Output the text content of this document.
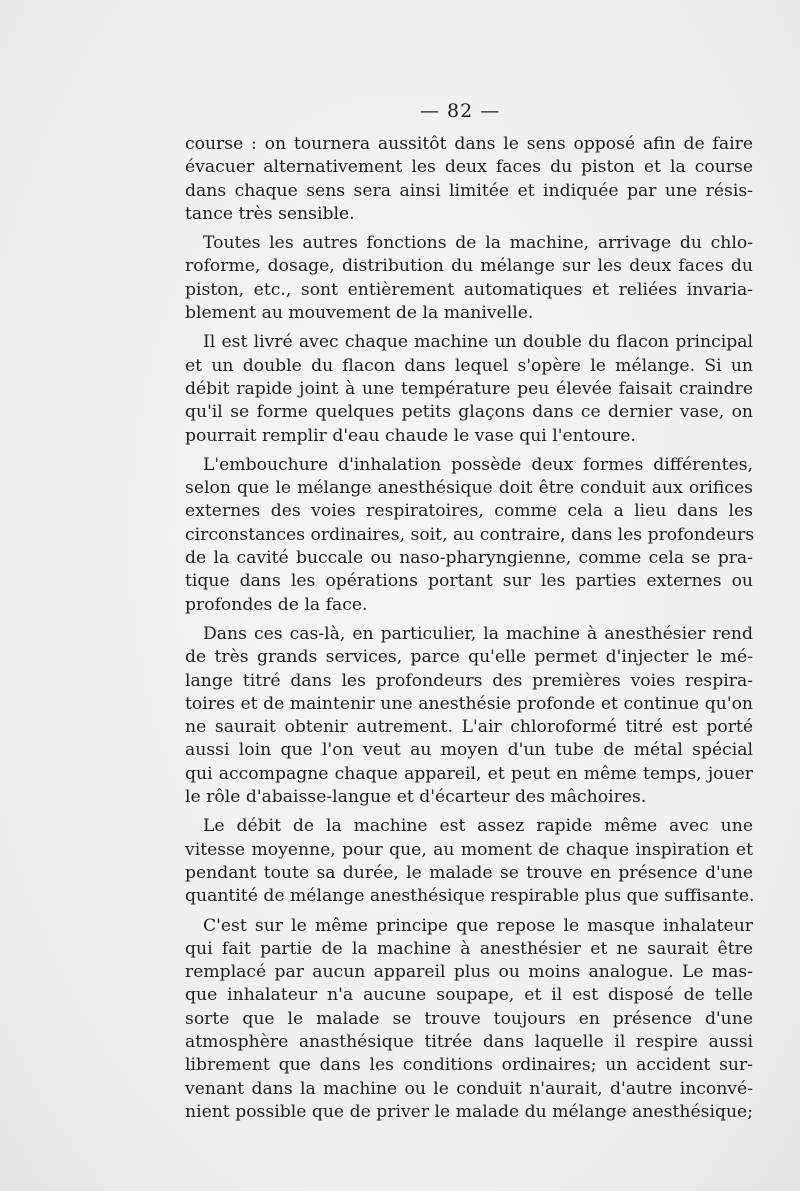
— 82 —
course : on tournera aussitôt dans le sens opposé afin de faire
évacuer alternativement les deux faces du piston et la course
dans chaque sens sera ainsi limitée et indiquée par une résis-
tance très sensible.
Toutes les autres fonctions de la machine, arrivage du chlo-
roforme, dosage, distribution du mélange sur les deux faces du
piston, etc., sont entièrement automatiques et reliées invaria-
blement au mouvement de la manivelle.
Il est livré avec chaque machine un double du flacon principal
et un double du flacon dans lequel s'opère le mélange. Si un
débit rapide joint à une température peu élevée faisait craindre
qu'il se forme quelques petits glaçons dans ce dernier vase, on
pourrait remplir d'eau chaude le vase qui l'entoure.
L'embouchure d'inhalation possède deux formes différentes,
selon que le mélange anesthésique doit être conduit aux orifices
externes des voies respiratoires, comme cela a lieu dans les
circonstances ordinaires, soit, au contraire, dans les profondeurs
de la cavité buccale ou naso-pharyngienne, comme cela se pra-
tique dans les opérations portant sur les parties externes ou
profondes de la face.
Dans ces cas-là, en particulier, la machine à anesthésier rend
de très grands services, parce qu'elle permet d'injecter le mé-
lange titré dans les profondeurs des premières voies respira-
toires et de maintenir une anesthésie profonde et continue qu'on
ne saurait obtenir autrement. L'air chloroformé titré est porté
aussi loin que l'on veut au moyen d'un tube de métal spécial
qui accompagne chaque appareil, et peut en même temps, jouer
le rôle d'abaisse-langue et d'écarteur des mâchoires.
Le débit de la machine est assez rapide même avec une
vitesse moyenne, pour que, au moment de chaque inspiration et
pendant toute sa durée, le malade se trouve en présence d'une
quantité de mélange anesthésique respirable plus que suffisante.
C'est sur le même principe que repose le masque inhalateur
qui fait partie de la machine à anesthésier et ne saurait être
remplacé par aucun appareil plus ou moins analogue. Le mas-
que inhalateur n'a aucune soupape, et il est disposé de telle
sorte que le malade se trouve toujours en présence d'une
atmosphère anasthésique titrée dans laquelle il respire aussi
librement que dans les conditions ordinaires; un accident sur-
venant dans la machine ou le conduit n'aurait, d'autre inconvé-
nient possible que de priver le malade du mélange anesthésique;
